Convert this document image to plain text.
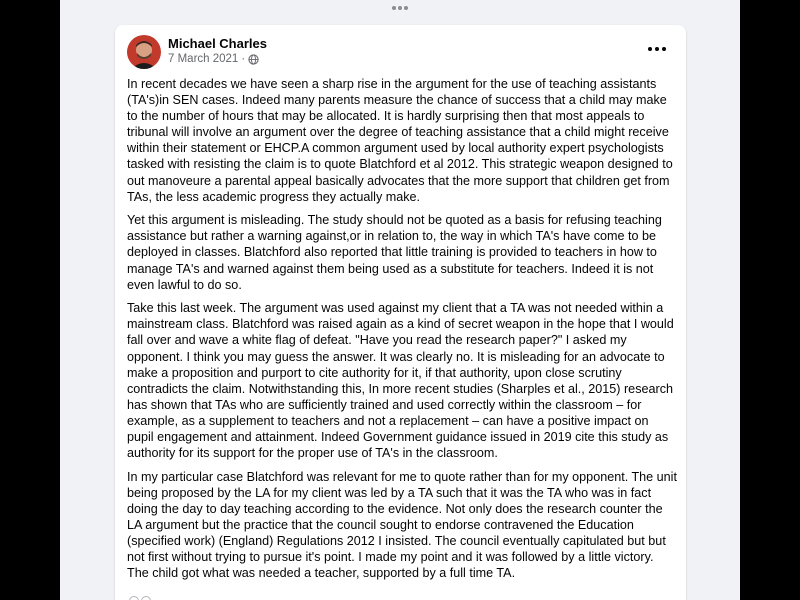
Michael Charles
7 March 2021 ·

In recent decades we have seen a sharp rise in the argument for the use of teaching assistants (TA's)in SEN cases. Indeed many parents measure the chance of success that a child may make to the number of hours that may be allocated. It is hardly surprising then that most appeals to tribunal will involve an argument over the degree of teaching assistance that a child might receive within their statement or EHCP.A common argument used by local authority expert psychologists tasked with resisting the claim is to quote Blatchford et al 2012. This strategic weapon designed to out manoveure a parental appeal basically advocates that the more support that children get from TAs, the less academic progress they actually make.

Yet this argument is misleading. The study should not be quoted as a basis for refusing teaching assistance but rather a warning against,or in relation to, the way in which TA's have come to be deployed in classes. Blatchford also reported that little training is provided to teachers in how to manage TA's and warned against them being used as a substitute for teachers. Indeed it is not even lawful to do so.

Take this last week. The argument was used against my client that a TA was not needed within a mainstream class. Blatchford was raised again as a kind of secret weapon in the hope that I would fall over and wave a white flag of defeat. "Have you read the research paper?" I asked my opponent. I think you may guess the answer. It was clearly no. It is misleading for an advocate to make a proposition and purport to cite authority for it, if that authority, upon close scrutiny contradicts the claim. Notwithstanding this, In more recent studies (Sharples et al., 2015) research has shown that TAs who are sufficiently trained and used correctly within the classroom – for example, as a supplement to teachers and not a replacement – can have a positive impact on pupil engagement and attainment. Indeed Government guidance issued in 2019 cite this study as authority for its support for the proper use of TA's in the classroom.

In my particular case Blatchford was relevant for me to quote rather than for my opponent. The unit being proposed by the LA for my client was led by a TA such that it was the TA who was in fact doing the day to day teaching according to the evidence. Not only does the research counter the LA argument but the practice that the council sought to endorse contravened the Education (specified work) (England) Regulations 2012 I insisted. The council eventually capitulated but but not first without trying to pursue it's point. I made my point and it was followed by a little victory. The child got what was needed a teacher, supported by a full time TA.
